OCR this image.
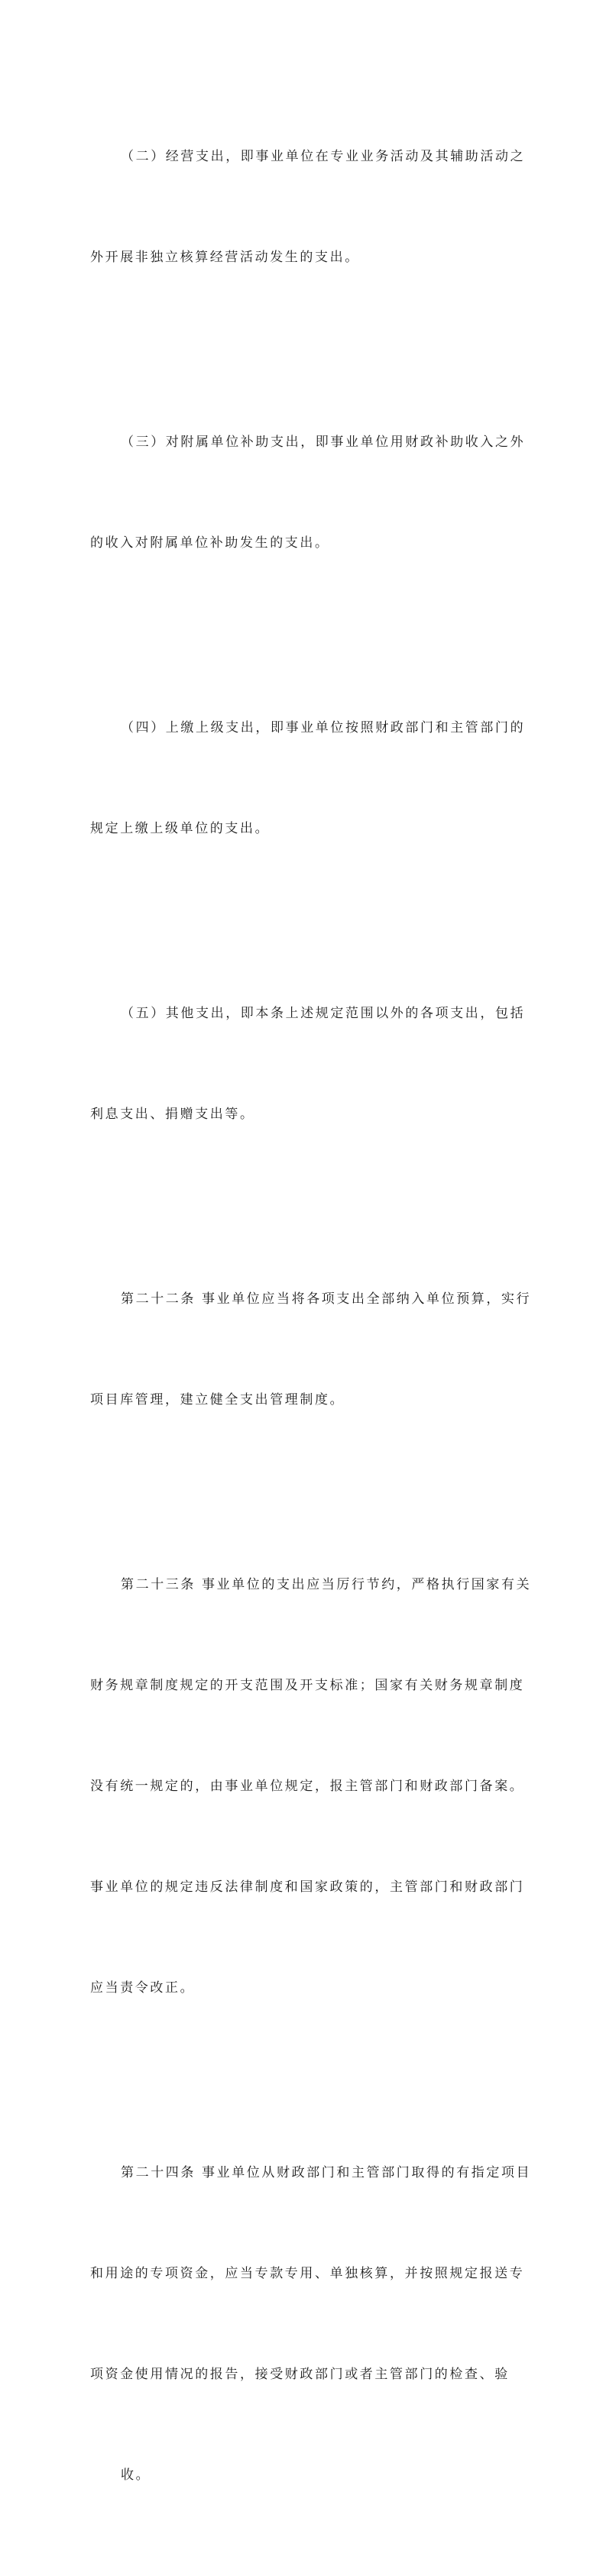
（二）经营支出，即事业单位在专业业务活动及其辅助活动之

外开展非独立核算经营活动发生的支出。

（三）对附属单位补助支出，即事业单位用财政补助收入之外

的收入对附属单位补助发生的支出。

（四）上缴上级支出，即事业单位按照财政部门和主管部门的

规定上缴上级单位的支出。

（五）其他支出，即本条上述规定范围以外的各项支出，包括

利息支出、捐赠支出等。

第二十二条 事业单位应当将各项支出全部纳入单位预算，实行

项目库管理，建立健全支出管理制度。

第二十三条 事业单位的支出应当厉行节约，严格执行国家有关

财务规章制度规定的开支范围及开支标准；国家有关财务规章制度

没有统一规定的，由事业单位规定，报主管部门和财政部门备案。

事业单位的规定违反法律制度和国家政策的，主管部门和财政部门

应当责令改正。

第二十四条 事业单位从财政部门和主管部门取得的有指定项目

和用途的专项资金，应当专款专用、单独核算，并按照规定报送专

项资金使用情况的报告，接受财政部门或者主管部门的检查、验

收。
